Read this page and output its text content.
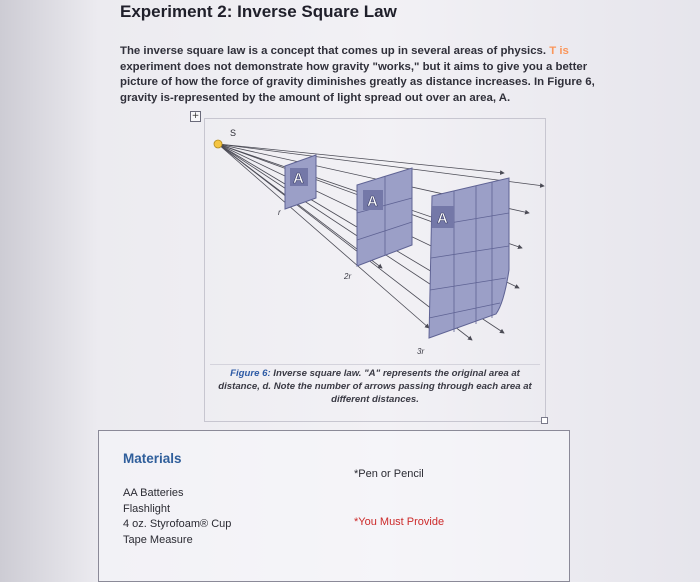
Experiment 2: Inverse Square Law

The inverse square law is a concept that comes up in several areas of physics. T is experiment does not demonstrate how gravity "works," but it aims to give you a better picture of how the force of gravity diminishes greatly as distance increases. In Figure 6, gravity is-represented by the amount of light spread out over an area, A.

+
A
A
A
r
2r
3r
S

Figure 6: Inverse square law. "A" represents the original area at distance, d. Note the number of arrows passing through each area at different distances.

Materials
AA Batteries
Flashlight
4 oz. Styrofoam® Cup
Tape Measure
*Pen or Pencil
*You Must Provide
